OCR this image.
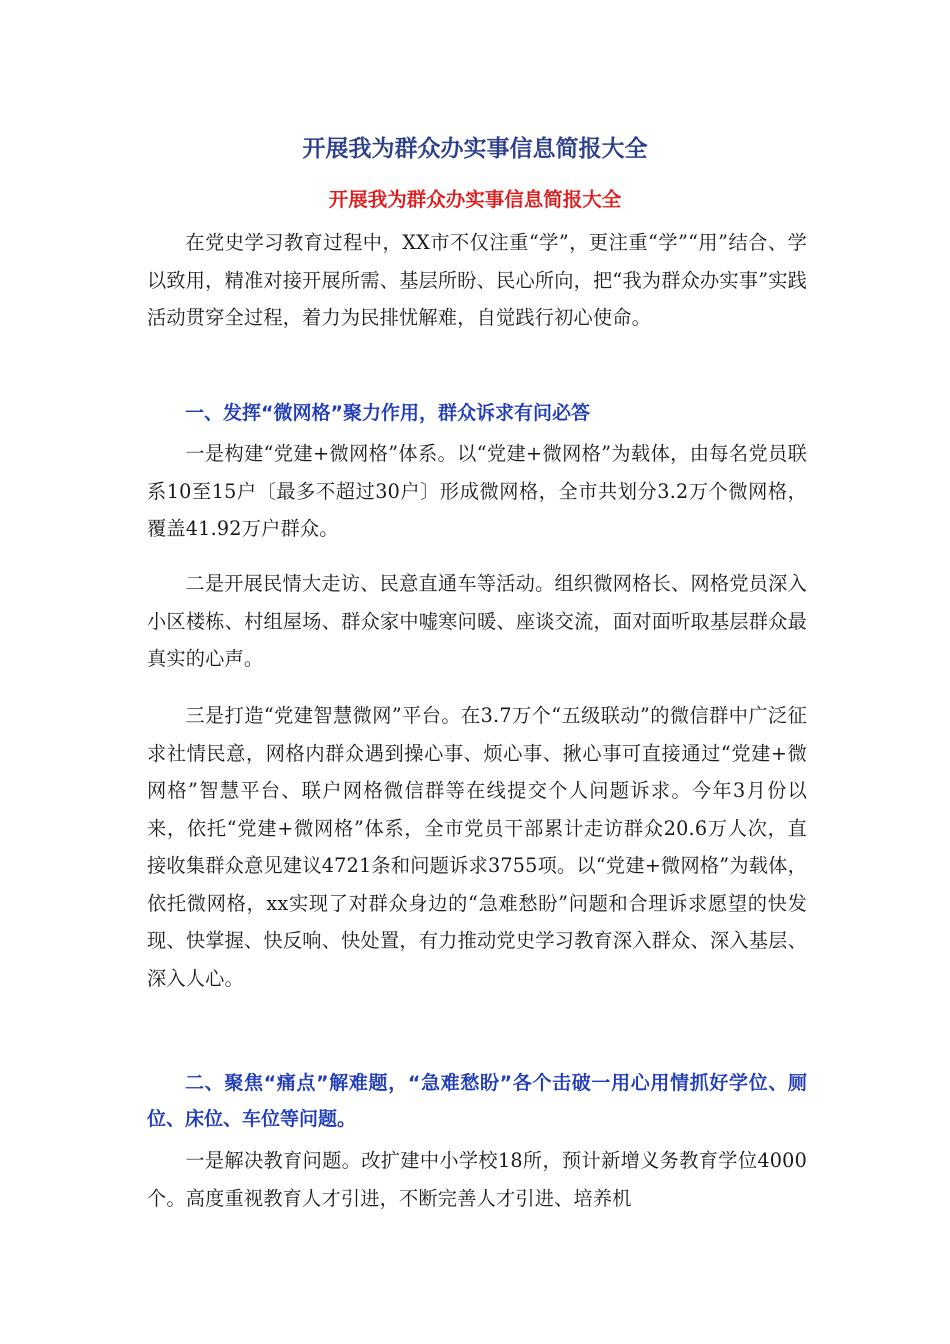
开展我为群众办实事信息简报大全
开展我为群众办实事信息简报大全

在党史学习教育过程中，XX市不仅注重“学”，更注重“学”“用”结合、学以致用，精准对接开展所需、基层所盼、民心所向，把“我为群众办实事”实践活动贯穿全过程，着力为民排忧解难，自觉践行初心使命。

一、发挥“微网格”聚力作用，群众诉求有问必答

一是构建“党建+微网格”体系。以“党建+微网格”为载体，由每名党员联系10至15户〔最多不超过30户〕形成微网格，全市共划分3.2万个微网格，覆盖41.92万户群众。

二是开展民情大走访、民意直通车等活动。组织微网格长、网格党员深入小区楼栋、村组屋场、群众家中嘘寒问暖、座谈交流，面对面听取基层群众最真实的心声。

三是打造“党建智慧微网”平台。在3.7万个“五级联动”的微信群中广泛征求社情民意，网格内群众遇到操心事、烦心事、揪心事可直接通过“党建+微网格”智慧平台、联户网格微信群等在线提交个人问题诉求。今年3月份以来，依托“党建+微网格”体系，全市党员干部累计走访群众20.6万人次，直接收集群众意见建议4721条和问题诉求3755项。以“党建+微网格”为载体，依托微网格，xx实现了对群众身边的“急难愁盼”问题和合理诉求愿望的快发现、快掌握、快反响、快处置，有力推动党史学习教育深入群众、深入基层、深入人心。

二、聚焦“痛点”解难题，“急难愁盼”各个击破一用心用情抓好学位、厕位、床位、车位等问题。

一是解决教育问题。改扩建中小学校18所，预计新增义务教育学位4000个。高度重视教育人才引进，不断完善人才引进、培养机
